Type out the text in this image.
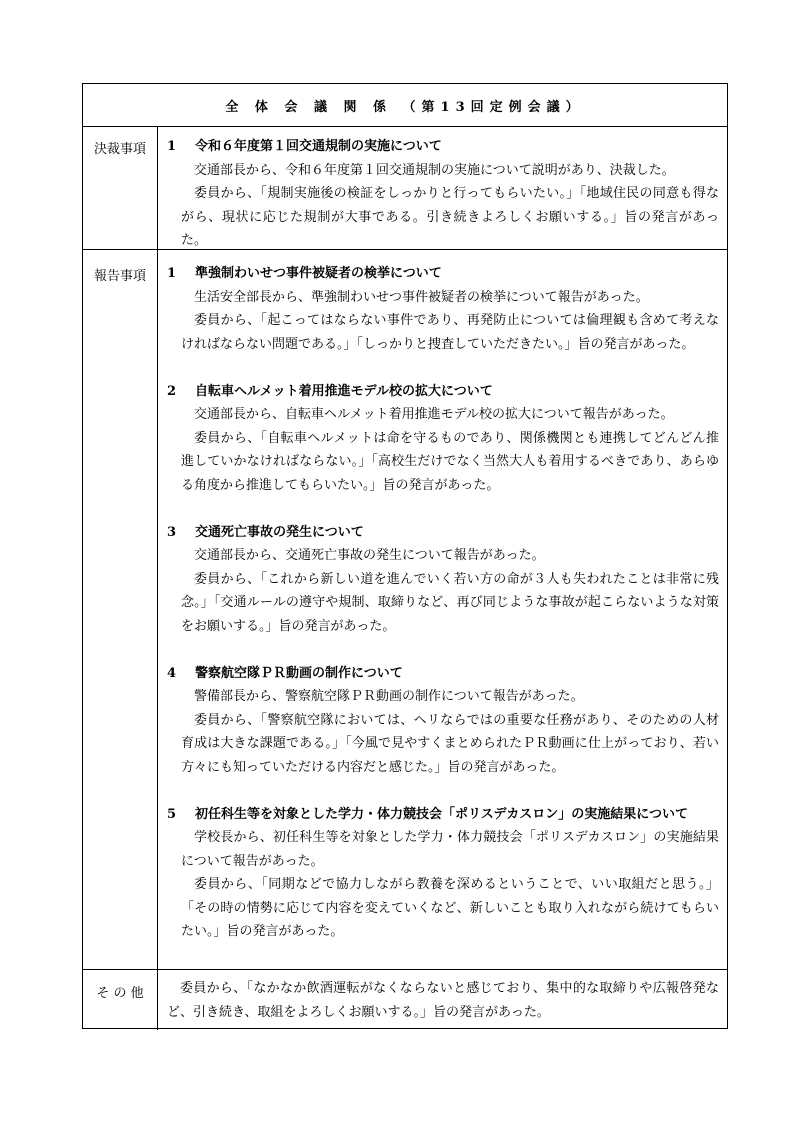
全 体 会 議 関 係 （第13回定例会議）
決裁事項	1 令和６年度第１回交通規制の実施について

交通部長から、令和６年度第１回交通規制の実施について説明があり、決裁した。

委員から、「規制実施後の検証をしっかりと行ってもらいたい。」「地域住民の同意も得ながら、現状に応じた規制が大事である。引き続きよろしくお願いする。」旨の発言があった。

報告事項	1 準強制わいせつ事件被疑者の検挙について

生活安全部長から、準強制わいせつ事件被疑者の検挙について報告があった。

委員から、「起こってはならない事件であり、再発防止については倫理観も含めて考えなければならない問題である。」「しっかりと捜査していただきたい。」旨の発言があった。

2 自転車ヘルメット着用推進モデル校の拡大について

交通部長から、自転車ヘルメット着用推進モデル校の拡大について報告があった。

委員から、「自転車ヘルメットは命を守るものであり、関係機関とも連携してどんどん推進していかなければならない。」「高校生だけでなく当然大人も着用するべきであり、あらゆる角度から推進してもらいたい。」旨の発言があった。

3 交通死亡事故の発生について

交通部長から、交通死亡事故の発生について報告があった。

委員から、「これから新しい道を進んでいく若い方の命が３人も失われたことは非常に残念。」「交通ルールの遵守や規制、取締りなど、再び同じような事故が起こらないような対策をお願いする。」旨の発言があった。

4 警察航空隊ＰＲ動画の制作について

警備部長から、警察航空隊ＰＲ動画の制作について報告があった。

委員から、「警察航空隊においては、ヘリならではの重要な任務があり、そのための人材育成は大きな課題である。」「今風で見やすくまとめられたＰＲ動画に仕上がっており、若い方々にも知っていただける内容だと感じた。」旨の発言があった。

5 初任科生等を対象とした学力・体力競技会「ポリスデカスロン」の実施結果について

学校長から、初任科生等を対象とした学力・体力競技会「ポリスデカスロン」の実施結果について報告があった。

委員から、「同期などで協力しながら教養を深めるということで、いい取組だと思う。」「その時の情勢に応じて内容を変えていくなど、新しいことも取り入れながら続けてもらいたい。」旨の発言があった。

そ の 他	委員から、「なかなか飲酒運転がなくならないと感じており、集中的な取締りや広報啓発など、引き続き、取組をよろしくお願いする。」旨の発言があった。
